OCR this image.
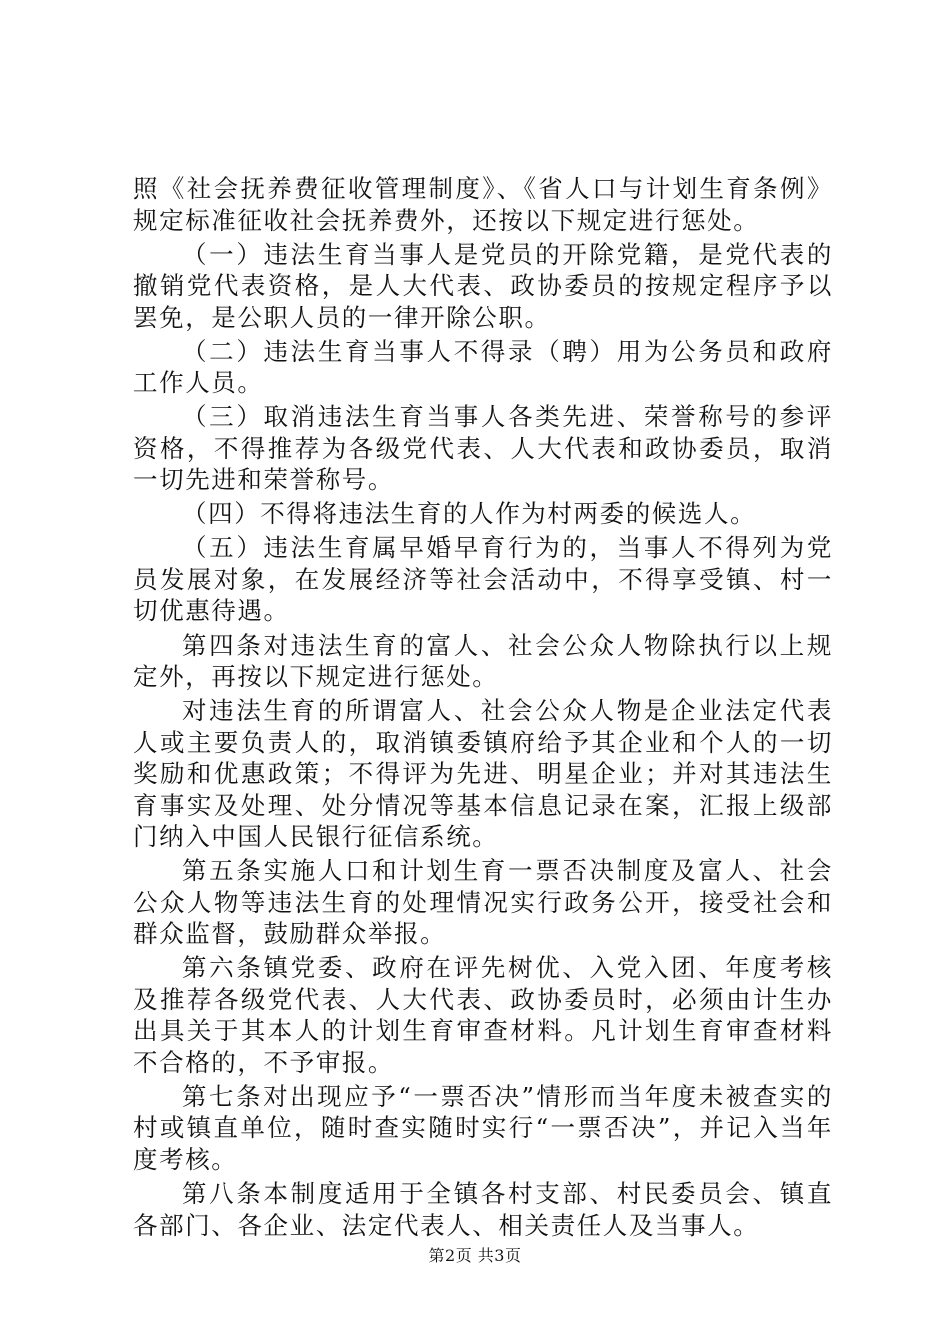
照《社会抚养费征收管理制度》、《省人口与计划生育条例》规定标准征收社会抚养费外，还按以下规定进行惩处。

（一）违法生育当事人是党员的开除党籍，是党代表的撤销党代表资格，是人大代表、政协委员的按规定程序予以罢免，是公职人员的一律开除公职。

（二）违法生育当事人不得录（聘）用为公务员和政府工作人员。

（三）取消违法生育当事人各类先进、荣誉称号的参评资格，不得推荐为各级党代表、人大代表和政协委员，取消一切先进和荣誉称号。

（四）不得将违法生育的人作为村两委的候选人。

（五）违法生育属早婚早育行为的，当事人不得列为党员发展对象，在发展经济等社会活动中，不得享受镇、村一切优惠待遇。

第四条对违法生育的富人、社会公众人物除执行以上规定外，再按以下规定进行惩处。

对违法生育的所谓富人、社会公众人物是企业法定代表人或主要负责人的，取消镇委镇府给予其企业和个人的一切奖励和优惠政策；不得评为先进、明星企业；并对其违法生育事实及处理、处分情况等基本信息记录在案，汇报上级部门纳入中国人民银行征信系统。

第五条实施人口和计划生育一票否决制度及富人、社会公众人物等违法生育的处理情况实行政务公开，接受社会和群众监督，鼓励群众举报。

第六条镇党委、政府在评先树优、入党入团、年度考核及推荐各级党代表、人大代表、政协委员时，必须由计生办出具关于其本人的计划生育审查材料。凡计划生育审查材料不合格的，不予审报。

第七条对出现应予“一票否决”情形而当年度未被查实的村或镇直单位，随时查实随时实行“一票否决”，并记入当年度考核。

第八条本制度适用于全镇各村支部、村民委员会、镇直各部门、各企业、法定代表人、相关责任人及当事人。

第2页 共3页
